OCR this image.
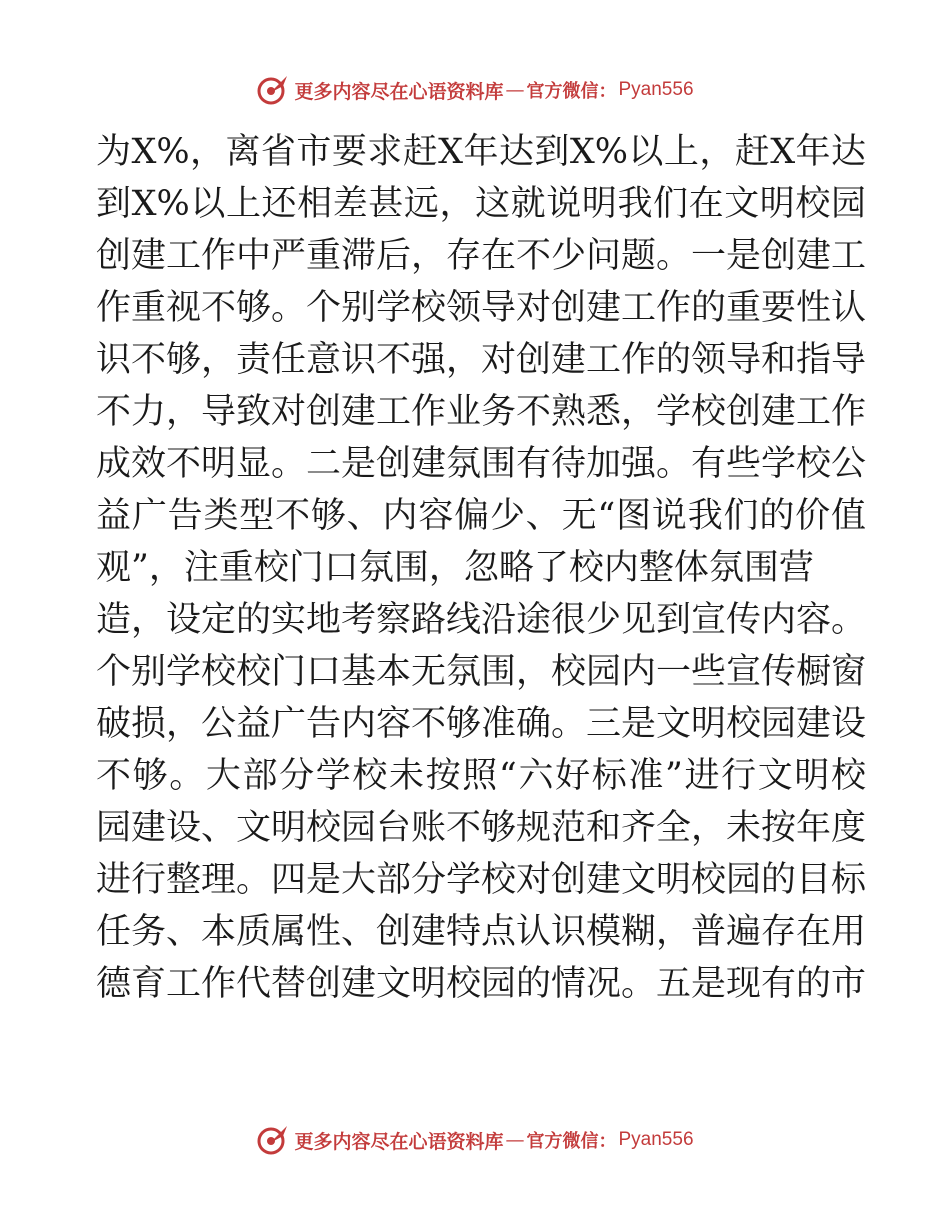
更多内容尽在心语资料库 — 官方微信： Pyan556
为X%，离省市要求赶X年达到X%以上，赶X年达
到X%以上还相差甚远，这就说明我们在文明校园
创建工作中严重滞后，存在不少问题。一是创建工
作重视不够。个别学校领导对创建工作的重要性认
识不够，责任意识不强，对创建工作的领导和指导
不力，导致对创建工作业务不熟悉，学校创建工作
成效不明显。二是创建氛围有待加强。有些学校公
益广告类型不够、内容偏少、无“图说我们的价值
观”，注重校门口氛围，忽略了校内整体氛围营
造，设定的实地考察路线沿途很少见到宣传内容。
个别学校校门口基本无氛围，校园内一些宣传橱窗
破损，公益广告内容不够准确。三是文明校园建设
不够。大部分学校未按照“六好标准”进行文明校
园建设、文明校园台账不够规范和齐全，未按年度
进行整理。四是大部分学校对创建文明校园的目标
任务、本质属性、创建特点认识模糊，普遍存在用
德育工作代替创建文明校园的情况。五是现有的市
更多内容尽在心语资料库 — 官方微信： Pyan556
